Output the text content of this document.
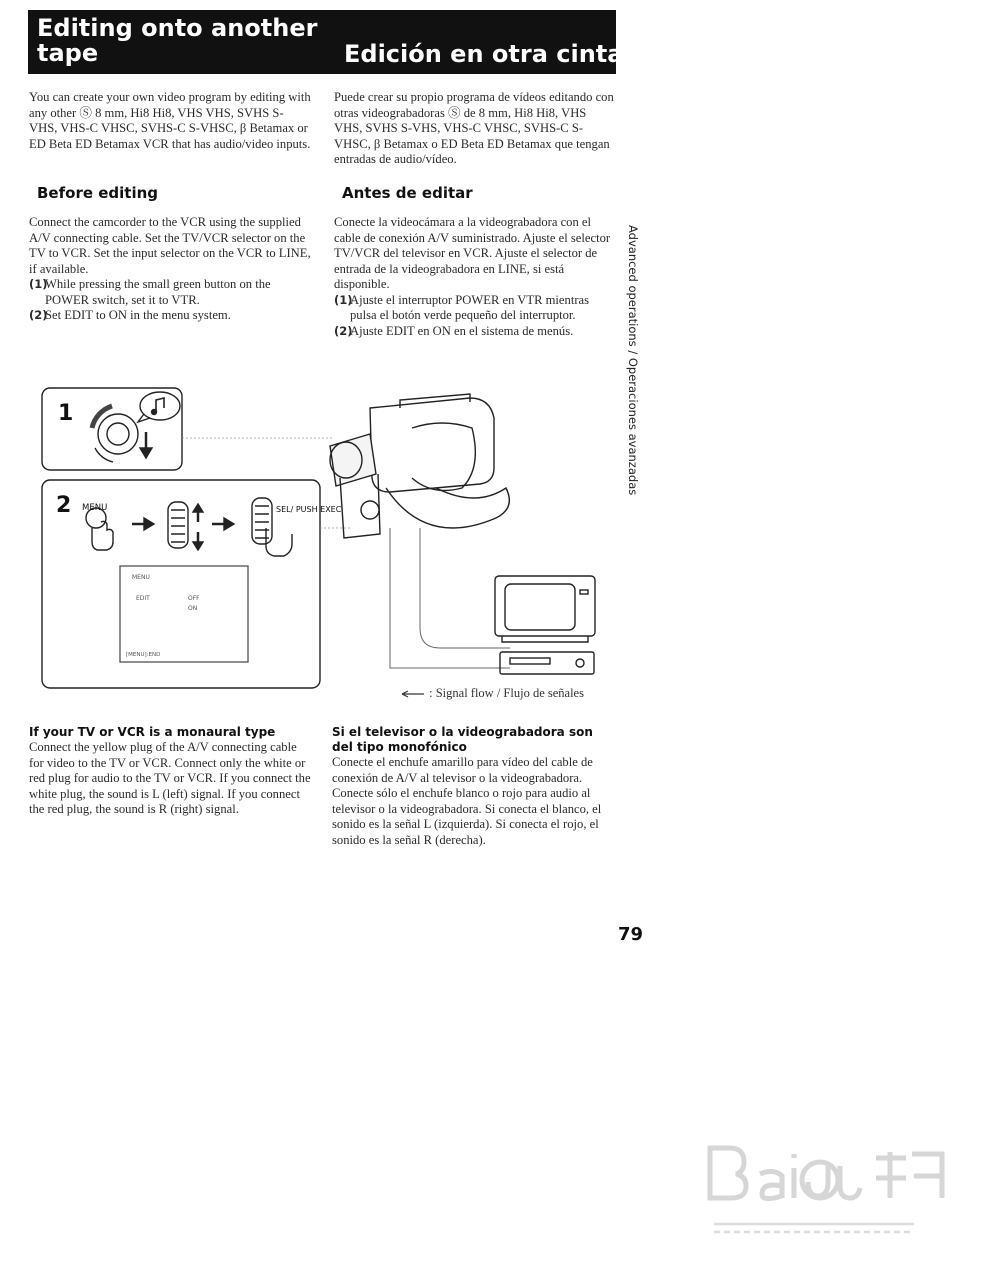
Editing onto another tape	Edición en otra cinta
You can create your own video program by editing with any other Ⓢ 8 mm, Hi8 Hi8, VHS VHS, SVHS S-VHS, VHS-C VHSC, SVHS-C S-VHSC, β Betamax or ED Beta ED Betamax VCR that has audio/video inputs.
Puede crear su propio programa de vídeos editando con otras videograbadoras Ⓢ de 8 mm, Hi8 Hi8, VHS VHS, SVHS S-VHS, VHS-C VHSC, SVHS-C S-VHSC, β Betamax o ED Beta ED Betamax que tengan entradas de audio/vídeo.
Before editing	Antes de editar
Connect the camcorder to the VCR using the supplied A/V connecting cable. Set the TV/VCR selector on the TV to VCR. Set the input selector on the VCR to LINE, if available.
(1)
While pressing the small green button on the POWER switch, set it to VTR.
(2)
Set EDIT to ON in the menu system.
Conecte la videocámara a la videograbadora con el cable de conexión A/V suministrado. Ajuste el selector TV/VCR del televisor en VCR. Ajuste el selector de entrada de la videograbadora en LINE, si está disponible.
(1)
Ajuste el interruptor POWER en VTR mientras pulsa el botón verde pequeño del interruptor.
(2)
Ajuste EDIT en ON en el sistema de menús.	Advanced operations / Operaciones avanzadas
1
2 MENU	SEL/ PUSH EXEC
MENU
EDIT	OFF
ON
[MENU]:END
: Signal flow / Flujo de señales
If your TV or VCR is a monaural type	Si el televisor o la videograbadora son del tipo monofónico
Connect the yellow plug of the A/V connecting cable for video to the TV or VCR. Connect only the white or red plug for audio to the TV or VCR. If you connect the white plug, the sound is L (left) signal. If you connect the red plug, the sound is R (right) signal.
Conecte el enchufe amarillo para vídeo del cable de conexión de A/V al televisor o la videograbadora. Conecte sólo el enchufe blanco o rojo para audio al televisor o la videograbadora. Si conecta el blanco, el sonido es la señal L (izquierda). Si conecta el rojo, el sonido es la señal R (derecha).
79
